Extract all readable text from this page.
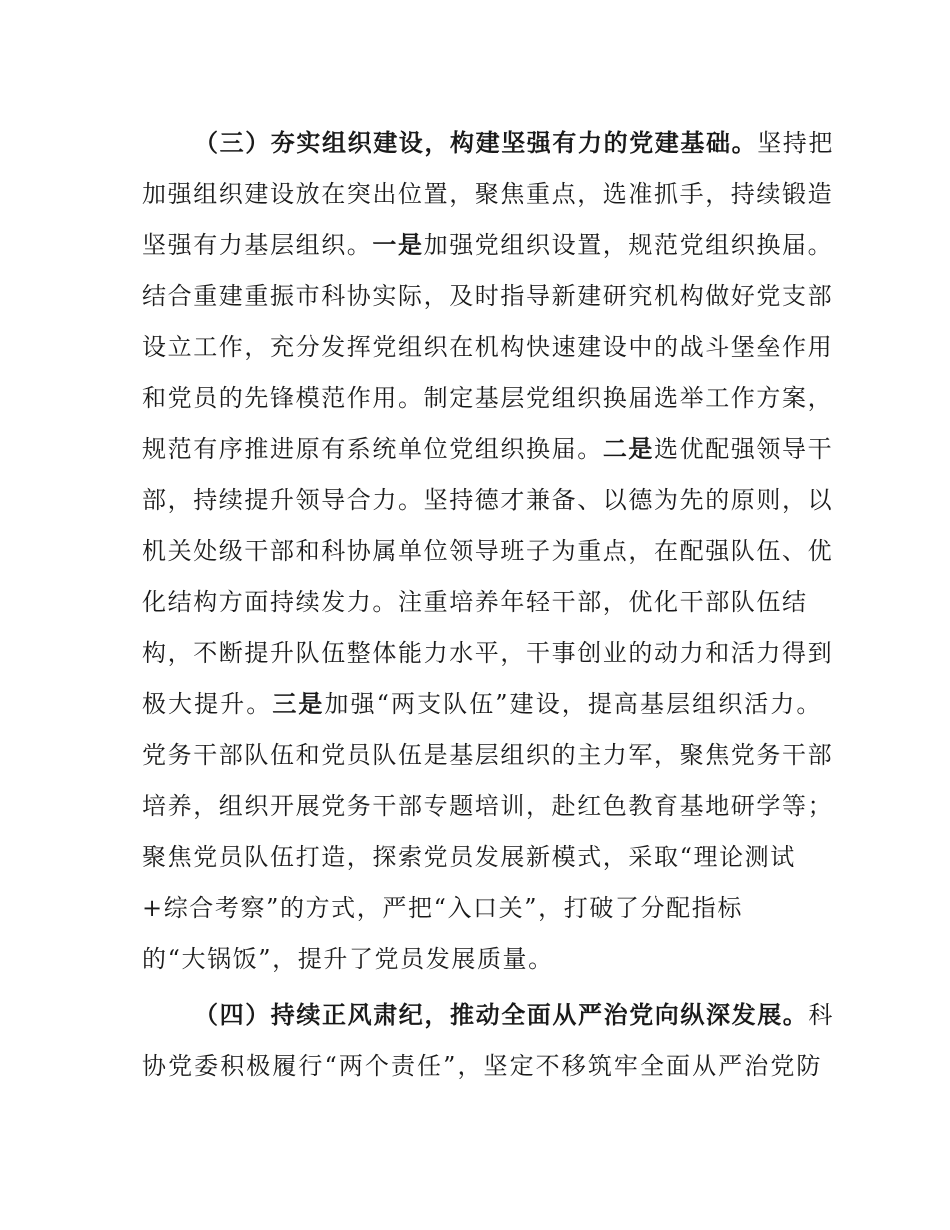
（三）夯实组织建设，构建坚强有力的党建基础。坚持把
加强组织建设放在突出位置，聚焦重点，选准抓手，持续锻造
坚强有力基层组织。一是加强党组织设置，规范党组织换届。
结合重建重振市科协实际，及时指导新建研究机构做好党支部
设立工作，充分发挥党组织在机构快速建设中的战斗堡垒作用
和党员的先锋模范作用。制定基层党组织换届选举工作方案，
规范有序推进原有系统单位党组织换届。二是选优配强领导干
部，持续提升领导合力。坚持德才兼备、以德为先的原则，以
机关处级干部和科协属单位领导班子为重点，在配强队伍、优
化结构方面持续发力。注重培养年轻干部，优化干部队伍结
构，不断提升队伍整体能力水平，干事创业的动力和活力得到
极大提升。三是加强“两支队伍”建设，提高基层组织活力。
党务干部队伍和党员队伍是基层组织的主力军，聚焦党务干部
培养，组织开展党务干部专题培训，赴红色教育基地研学等；
聚焦党员队伍打造，探索党员发展新模式，采取“理论测试
+综合考察”的方式，严把“入口关”，打破了分配指标
的“大锅饭”，提升了党员发展质量。
（四）持续正风肃纪，推动全面从严治党向纵深发展。科
协党委积极履行“两个责任”，坚定不移筑牢全面从严治党防
